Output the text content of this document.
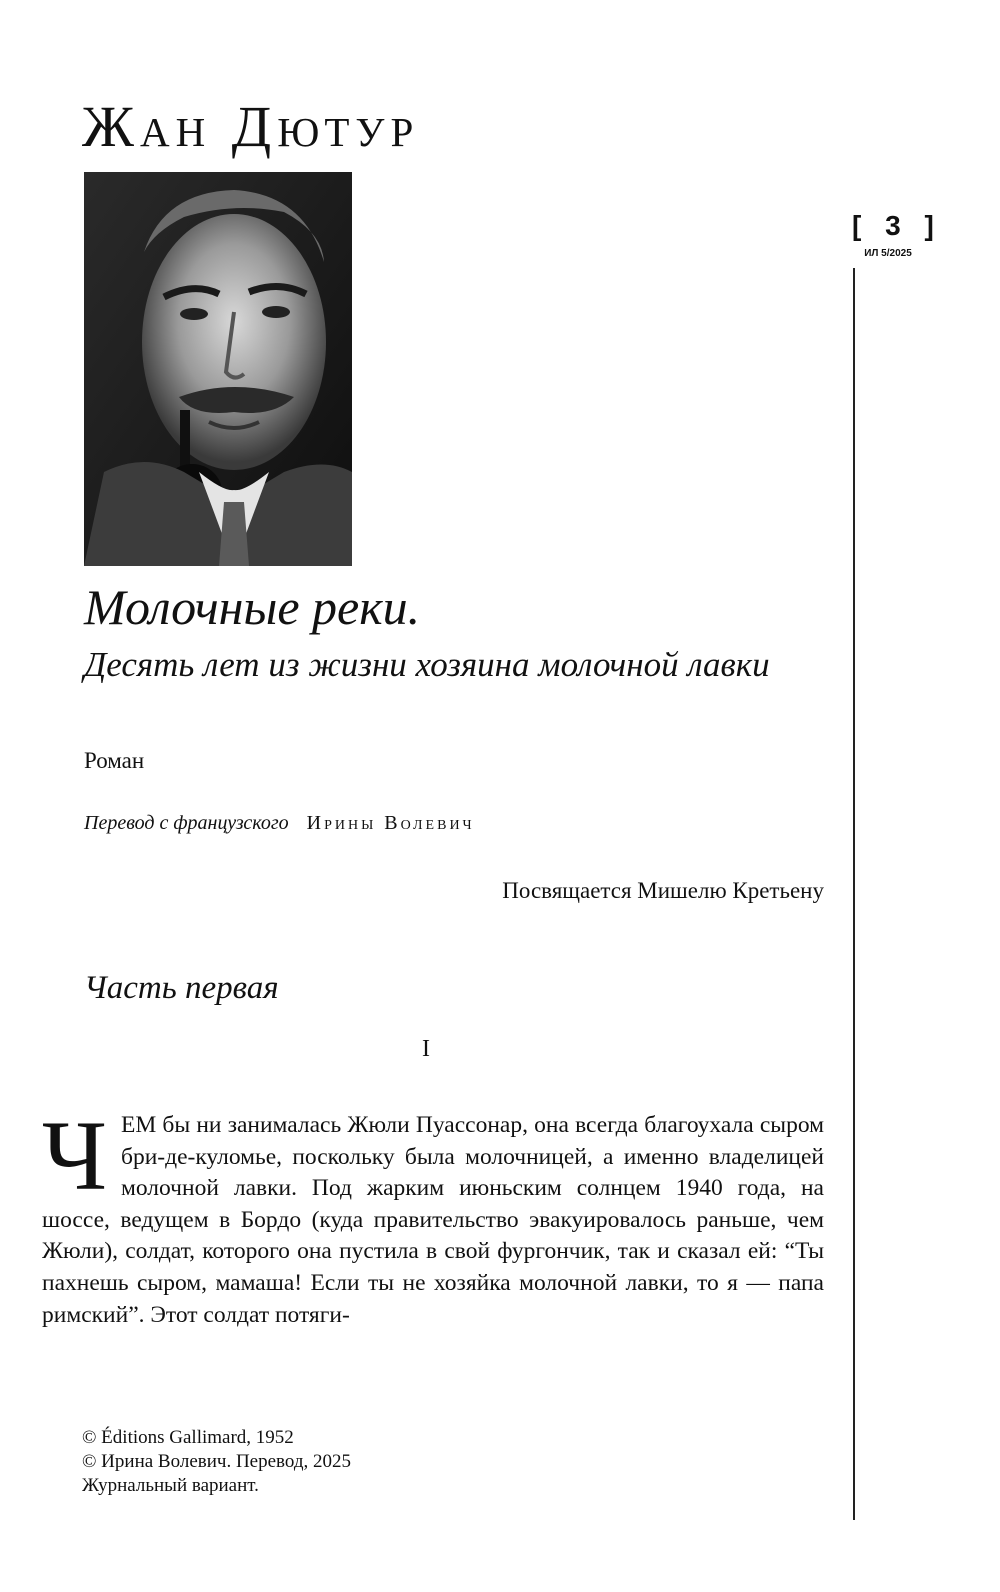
Жан Дютур
[ 3 ]
ИЛ 5/2025
Молочные реки.
Десять лет из жизни хозяина молочной лавки
Роман
Перевод с французского Ирины Волевич
Посвящается Мишелю Кретьену
Часть первая
I

ЧЕМ бы ни занималась Жюли Пуассонар, она всегда благоухала сыром бри-де-куломье, поскольку была молочницей, а именно владелицей молочной лавки. Под жарким июньским солнцем 1940 года, на шоссе, ведущем в Бордо (куда правительство эвакуировалось раньше, чем Жюли), солдат, которого она пустила в свой фургончик, так и сказал ей: “Ты пахнешь сыром, мамаша! Если ты не хозяйка молочной лавки, то я — папа римский”. Этот солдат потяги-

© Éditions Gallimard, 1952
© Ирина Волевич. Перевод, 2025
Журнальный вариант.
